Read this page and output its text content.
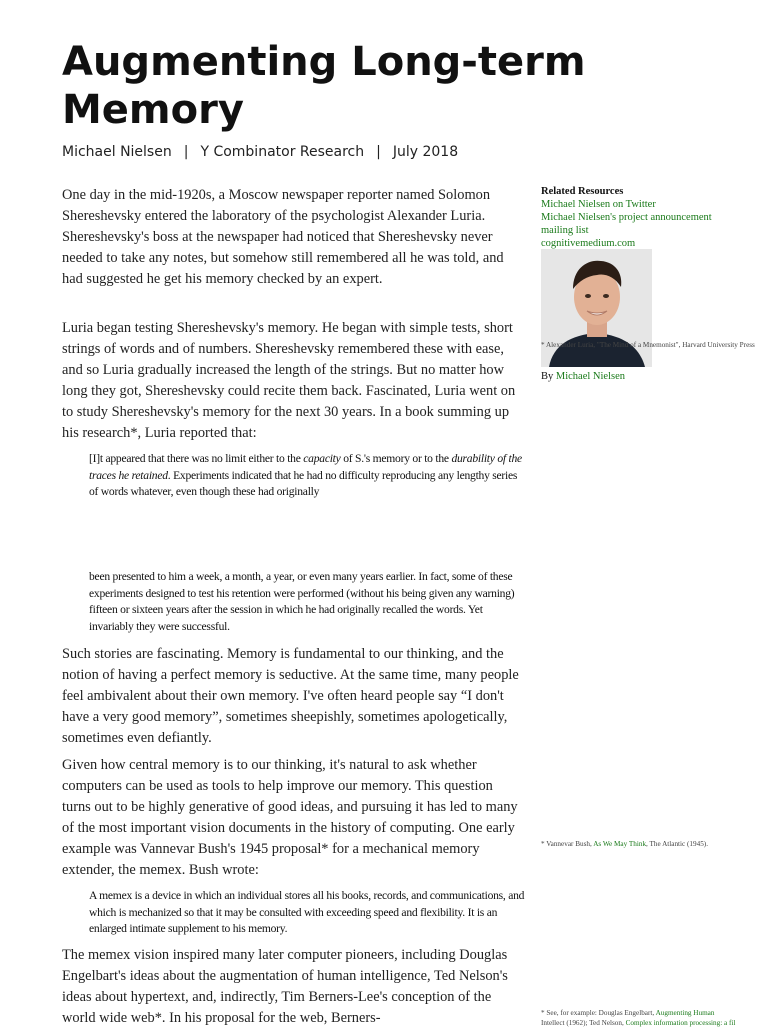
Augmenting Long-term Memory
Michael Nielsen | Y Combinator Research | July 2018

One day in the mid-1920s, a Moscow newspaper reporter named Solomon Shereshevsky entered the laboratory of the psychologist Alexander Luria. Shereshevsky's boss at the newspaper had noticed that Shereshevsky never needed to take any notes, but somehow still remembered all he was told, and had suggested he get his memory checked by an expert.

Luria began testing Shereshevsky's memory. He began with simple tests, short strings of words and of numbers. Shereshevsky remembered these with ease, and so Luria gradually increased the length of the strings. But no matter how long they got, Shereshevsky could recite them back. Fascinated, Luria went on to study Shereshevsky's memory for the next 30 years. In a book summing up his research*, Luria reported that:

[I]t appeared that there was no limit either to the capacity of S.'s memory or to the durability of the traces he retained. Experiments indicated that he had no difficulty reproducing any lengthy series of words whatever, even though these had originally

been presented to him a week, a month, a year, or even many years earlier. In fact, some of these experiments designed to test his retention were performed (without his being given any warning) fifteen or sixteen years after the session in which he had originally recalled the words. Yet invariably they were successful.

Such stories are fascinating. Memory is fundamental to our thinking, and the notion of having a perfect memory is seductive. At the same time, many people feel ambivalent about their own memory. I've often heard people say “I don't have a very good memory”, sometimes sheepishly, sometimes apologetically, sometimes even defiantly.

Given how central memory is to our thinking, it's natural to ask whether computers can be used as tools to help improve our memory. This question turns out to be highly generative of good ideas, and pursuing it has led to many of the most important vision documents in the history of computing. One early example was Vannevar Bush's 1945 proposal* for a mechanical memory extender, the memex. Bush wrote:

A memex is a device in which an individual stores all his books, records, and communications, and which is mechanized so that it may be consulted with exceeding speed and flexibility. It is an enlarged intimate supplement to his memory.

The memex vision inspired many later computer pioneers, including Douglas Engelbart's ideas about the augmentation of human intelligence, Ted Nelson's ideas about hypertext, and, indirectly, Tim Berners-Lee's conception of the world wide web*. In his proposal for the web, Berners-

Related Resources
Michael Nielsen on Twitter
Michael Nielsen's project announcement
mailing list
cognitivemedium.com
* Alexander Luria, "The Mind of a Mnemonist", Harvard University Press
By Michael Nielsen
* Vannevar Bush, As We May Think, The Atlantic (1945).
* See, for example: Douglas Engelbart, Augmenting Human
Intellect (1962); Ted Nelson, Complex information processing: a fil
